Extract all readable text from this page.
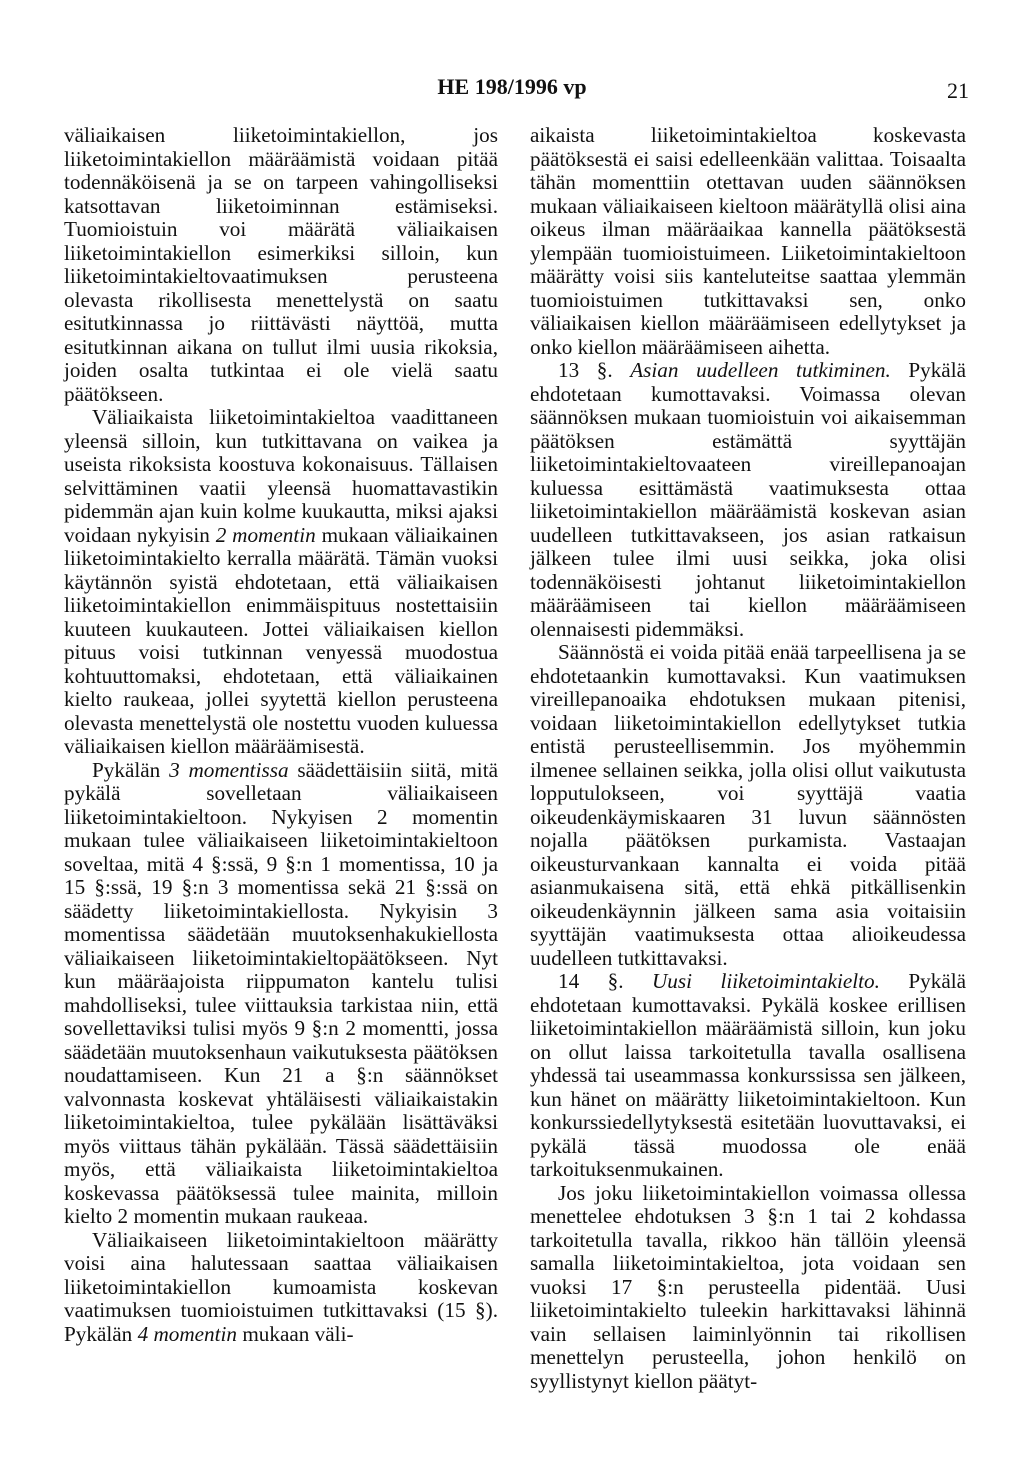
HE 198/1996 vp	21

väliaikaisen liiketoimintakiellon, jos liiketoimintakiellon määräämistä voidaan pitää todennäköisenä ja se on tarpeen vahingolliseksi katsottavan liiketoiminnan estämiseksi. Tuomioistuin voi määrätä väliaikaisen liiketoimintakiellon esimerkiksi silloin, kun liiketoimintakieltovaatimuksen perusteena olevasta rikollisesta menettelystä on saatu esitutkinnassa jo riittävästi näyttöä, mutta esitutkinnan aikana on tullut ilmi uusia rikoksia, joiden osalta tutkintaa ei ole vielä saatu päätökseen.

Väliaikaista liiketoimintakieltoa vaadittaneen yleensä silloin, kun tutkittavana on vaikea ja useista rikoksista koostuva kokonaisuus. Tällaisen selvittäminen vaatii yleensä huomattavastikin pidemmän ajan kuin kolme kuukautta, miksi ajaksi voidaan nykyisin 2 momentin mukaan väliaikainen liiketoimintakielto kerralla määrätä. Tämän vuoksi käytännön syistä ehdotetaan, että väliaikaisen liiketoimintakiellon enimmäispituus nostettaisiin kuuteen kuukauteen. Jottei väliaikaisen kiellon pituus voisi tutkinnan venyessä muodostua kohtuuttomaksi, ehdotetaan, että väliaikainen kielto raukeaa, jollei syytettä kiellon perusteena olevasta menettelystä ole nostettu vuoden kuluessa väliaikaisen kiellon määräämisestä.

Pykälän 3 momentissa säädettäisiin siitä, mitä pykälä sovelletaan väliaikaiseen liiketoimintakieltoon. Nykyisen 2 momentin mukaan tulee väliaikaiseen liiketoimintakieltoon soveltaa, mitä 4 §:ssä, 9 §:n 1 momentissa, 10 ja 15 §:ssä, 19 §:n 3 momentissa sekä 21 §:ssä on säädetty liiketoimintakiellosta. Nykyisin 3 momentissa säädetään muutoksenhakukiellosta väliaikaiseen liiketoimintakieltopäätökseen. Nyt kun määräajoista riippumaton kantelu tulisi mahdolliseksi, tulee viittauksia tarkistaa niin, että sovellettaviksi tulisi myös 9 §:n 2 momentti, jossa säädetään muutoksenhaun vaikutuksesta päätöksen noudattamiseen. Kun 21 a §:n säännökset valvonnasta koskevat yhtäläisesti väliaikaistakin liiketoimintakieltoa, tulee pykälään lisättäväksi myös viittaus tähän pykälään. Tässä säädettäisiin myös, että väliaikaista liiketoimintakieltoa koskevassa päätöksessä tulee mainita, milloin kielto 2 momentin mukaan raukeaa.

Väliaikaiseen liiketoimintakieltoon määrätty voisi aina halutessaan saattaa väliaikaisen liiketoimintakiellon kumoamista koskevan vaatimuksen tuomioistuimen tutkittavaksi (15 §). Pykälän 4 momentin mukaan väli-

aikaista liiketoimintakieltoa koskevasta päätöksestä ei saisi edelleenkään valittaa. Toisaalta tähän momenttiin otettavan uuden säännöksen mukaan väliaikaiseen kieltoon määrätyllä olisi aina oikeus ilman määräaikaa kannella päätöksestä ylempään tuomioistuimeen. Liiketoimintakieltoon määrätty voisi siis kanteluteitse saattaa ylemmän tuomioistuimen tutkittavaksi sen, onko väliaikaisen kiellon määräämiseen edellytykset ja onko kiellon määräämiseen aihetta.

13 §. Asian uudelleen tutkiminen. Pykälä ehdotetaan kumottavaksi. Voimassa olevan säännöksen mukaan tuomioistuin voi aikaisemman päätöksen estämättä syyttäjän liiketoimintakieltovaateen vireillepanoajan kuluessa esittämästä vaatimuksesta ottaa liiketoimintakiellon määräämistä koskevan asian uudelleen tutkittavakseen, jos asian ratkaisun jälkeen tulee ilmi uusi seikka, joka olisi todennäköisesti johtanut liiketoimintakiellon määräämiseen tai kiellon määräämiseen olennaisesti pidemmäksi.

Säännöstä ei voida pitää enää tarpeellisena ja se ehdotetaankin kumottavaksi. Kun vaatimuksen vireillepanoaika ehdotuksen mukaan pitenisi, voidaan liiketoimintakiellon edellytykset tutkia entistä perusteellisemmin. Jos myöhemmin ilmenee sellainen seikka, jolla olisi ollut vaikutusta lopputulokseen, voi syyttäjä vaatia oikeudenkäymiskaaren 31 luvun säännösten nojalla päätöksen purkamista. Vastaajan oikeusturvankaan kannalta ei voida pitää asianmukaisena sitä, että ehkä pitkällisenkin oikeudenkäynnin jälkeen sama asia voitaisiin syyttäjän vaatimuksesta ottaa alioikeudessa uudelleen tutkittavaksi.

14 §. Uusi liiketoimintakielto. Pykälä ehdotetaan kumottavaksi. Pykälä koskee erillisen liiketoimintakiellon määräämistä silloin, kun joku on ollut laissa tarkoitetulla tavalla osallisena yhdessä tai useammassa konkurssissa sen jälkeen, kun hänet on määrätty liiketoimintakieltoon. Kun konkurssiedellytyksestä esitetään luovuttavaksi, ei pykälä tässä muodossa ole enää tarkoituksenmukainen.

Jos joku liiketoimintakiellon voimassa ollessa menettelee ehdotuksen 3 §:n 1 tai 2 kohdassa tarkoitetulla tavalla, rikkoo hän tällöin yleensä samalla liiketoimintakieltoa, jota voidaan sen vuoksi 17 §:n perusteella pidentää. Uusi liiketoimintakielto tuleekin harkittavaksi lähinnä vain sellaisen laiminlyönnin tai rikollisen menettelyn perusteella, johon henkilö on syyllistynyt kiellon päätyt-
